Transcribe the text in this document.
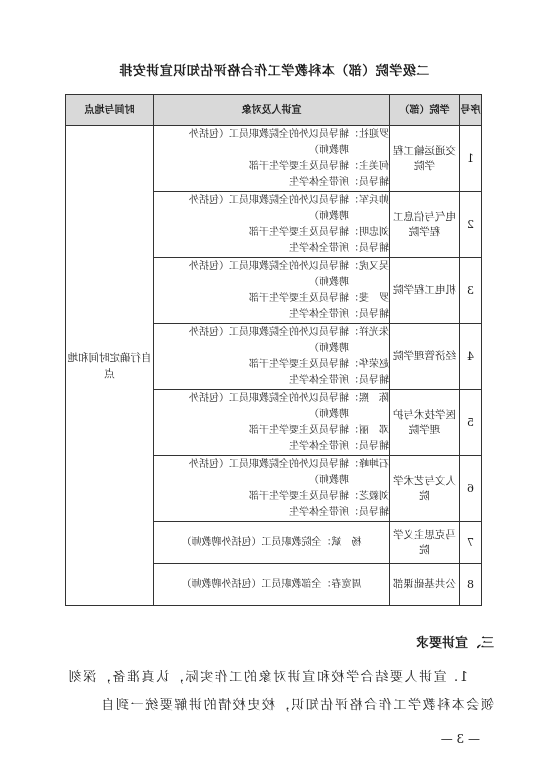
二级学院（部）本科教学工作合格评估知识宣讲安排
序号	学院（部）	宣讲人及对象	时间与地点
1	交通运输工程学院	罗迎社：辅导员以外的全院教职员工（包括外
聘教师）
何美主：辅导员及主要学生干部
辅导员：所带全体学生	自行确定时间和地点
2	电气与信息工程学院	帅兵军：辅导员以外的全院教职员工（包括外
聘教师）
刘忠明：辅导员及主要学生干部
辅导员：所带全体学生	

3	机电工程学院	吴又虎：辅导员以外的全院教职员工（包括外
聘教师）
罗　斐：辅导员及主要学生干部
辅导员：所带全体学生	

4	经济管理学院	朱光祥：辅导员以外的全院教职员工（包括外
聘教师）
赵荣华：辅导员及主要学生干部
辅导员：所带全体学生	

5	医学技术与护理学院	陈　熙：辅导员以外的全院教职员工（包括外
聘教师）
邓　丽：辅导员及主要学生干部
辅导员：所带全体学生	

6	人文与艺术学院	石坤峰：辅导员以外的全院教职员工（包括外
聘教师）
刘毅芝：辅导员及主要学生干部
辅导员：所带全体学生	

7	马克思主义学院	杨　斌：全院教职员工（包括外聘教师）	

8	公共基础课部	周宽春：全部教职员工（包括外聘教师）	
三、宣讲要求
1. 宣讲人要结合学校和宣讲对象的工作实际，认真准备，深刻领会本科教学工作合格评估知识，校史校情的讲解要统一到自
— 3 —
